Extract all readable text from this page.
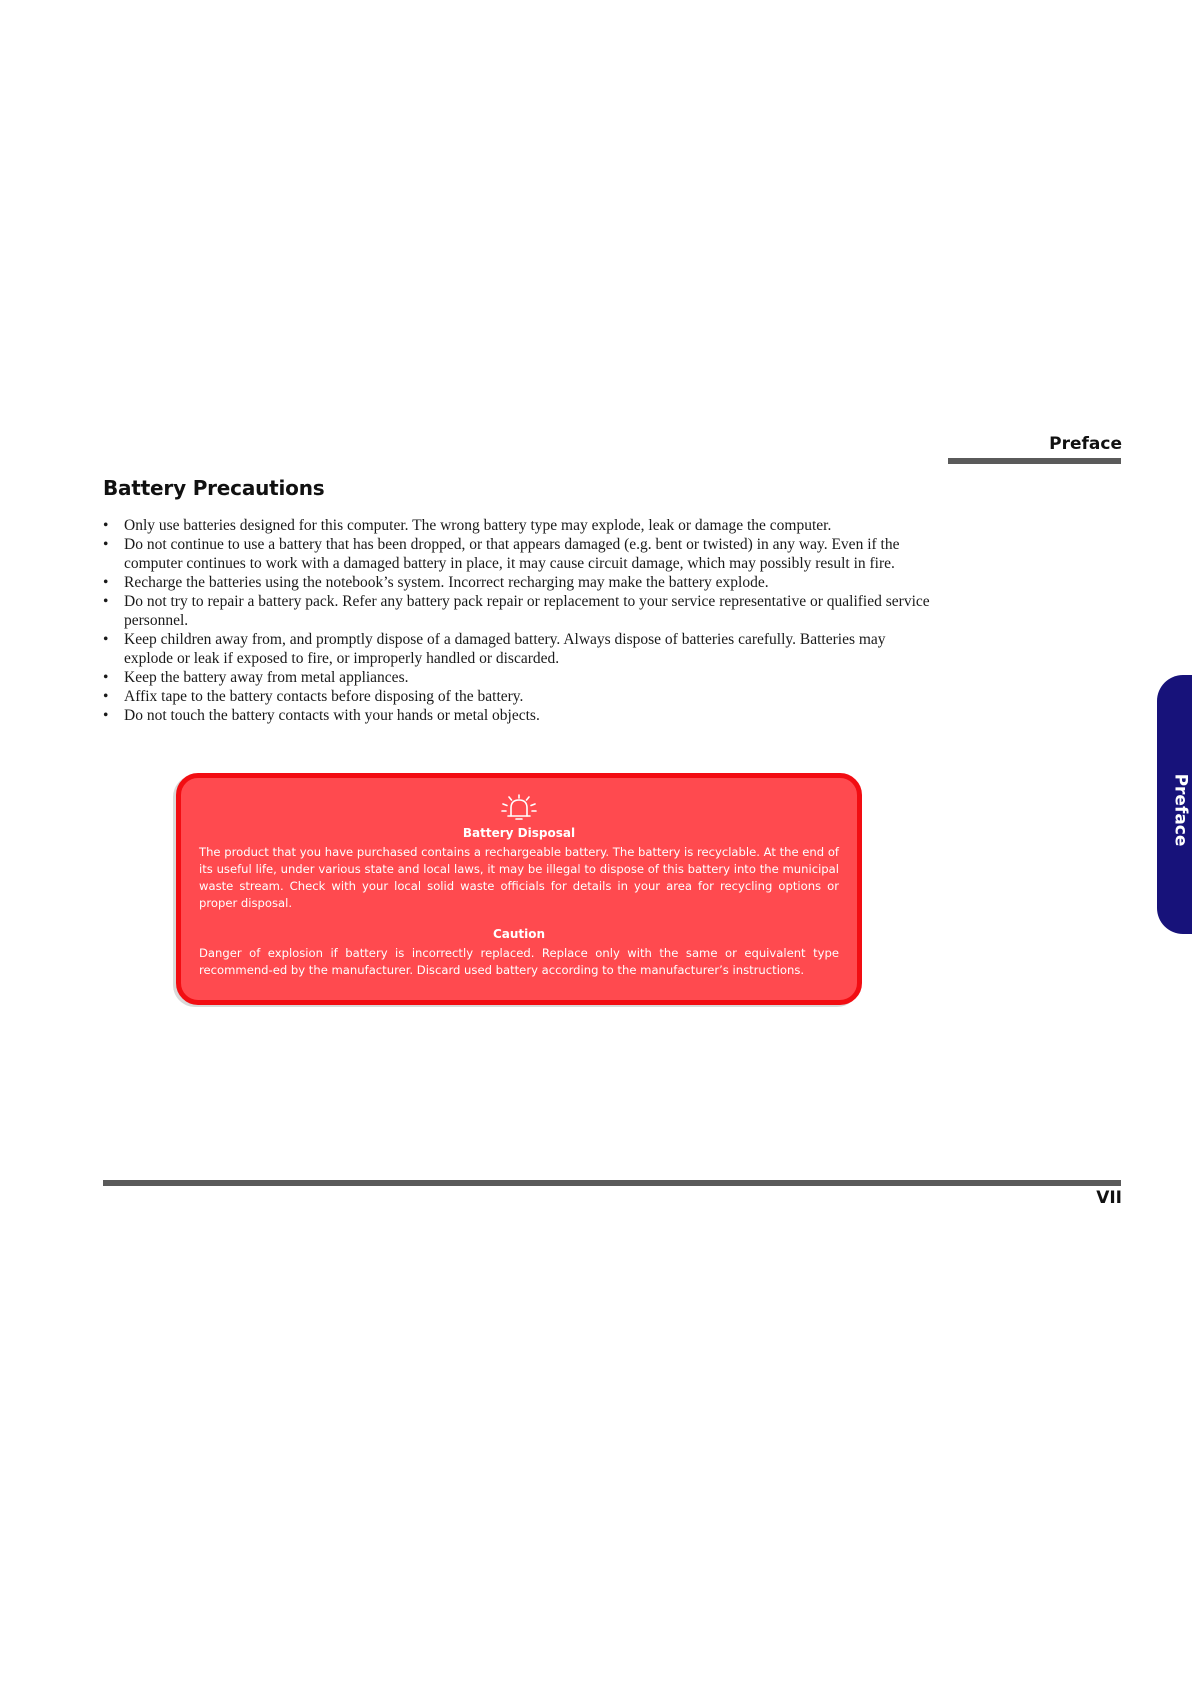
Preface
Battery Precautions
• Only use batteries designed for this computer. The wrong battery type may explode, leak or damage the computer.
• Do not continue to use a battery that has been dropped, or that appears damaged (e.g. bent or twisted) in any way. Even if the computer continues to work with a damaged battery in place, it may cause circuit damage, which may possibly result in fire.
• Recharge the batteries using the notebook’s system. Incorrect recharging may make the battery explode.
• Do not try to repair a battery pack. Refer any battery pack repair or replacement to your service representative or qualified service personnel.
• Keep children away from, and promptly dispose of a damaged battery. Always dispose of batteries carefully. Batteries may explode or leak if exposed to fire, or improperly handled or discarded.
• Keep the battery away from metal appliances.
• Affix tape to the battery contacts before disposing of the battery.
• Do not touch the battery contacts with your hands or metal objects.
Battery Disposal

The product that you have purchased contains a rechargeable battery. The battery is recyclable. At the end of its useful life, under various state and local laws, it may be illegal to dispose of this battery into the municipal waste stream. Check with your local solid waste officials for details in your area for recycling options or proper disposal.

Caution

Danger of explosion if battery is incorrectly replaced. Replace only with the same or equivalent type recommend-ed by the manufacturer. Discard used battery according to the manufacturer’s instructions.

Preface
VII
